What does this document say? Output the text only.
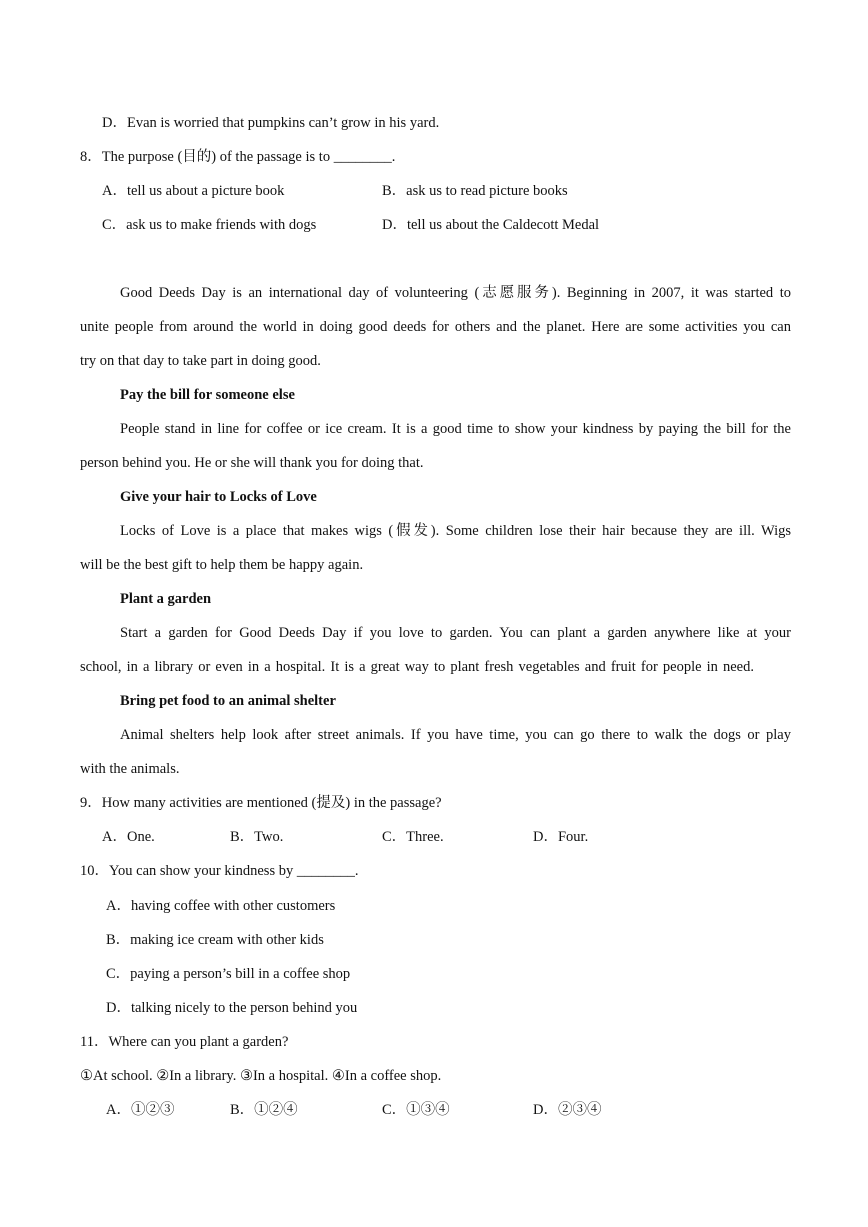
D．Evan is worried that pumpkins can’t grow in his yard.
8．The purpose (目的) of the passage is to ________.
A．tell us about a picture book	B．ask us to read picture books
C．ask us to make friends with dogs	D．tell us about the Caldecott Medal
Good Deeds Day is an international day of volunteering (志愿服务). Beginning in 2007, it was started to
unite people from around the world in doing good deeds for others and the planet. Here are some activities you can
try on that day to take part in doing good.
Pay the bill for someone else
People stand in line for coffee or ice cream. It is a good time to show your kindness by paying the bill for the
person behind you. He or she will thank you for doing that.
Give your hair to Locks of Love
Locks of Love is a place that makes wigs (假发). Some children lose their hair because they are ill. Wigs
will be the best gift to help them be happy again.
Plant a garden
Start a garden for Good Deeds Day if you love to garden. You can plant a garden anywhere like at your
school, in a library or even in a hospital. It is a great way to plant fresh vegetables and fruit for people in need.
Bring pet food to an animal shelter
Animal shelters help look after street animals. If you have time, you can go there to walk the dogs or play
with the animals.
9．How many activities are mentioned (提及) in the passage?
A．One.	B．Two.	C．Three.	D．Four.
10．You can show your kindness by ________.
A．having coffee with other customers
B．making ice cream with other kids
C．paying a person’s bill in a coffee shop
D．talking nicely to the person behind you
11．Where can you plant a garden?
①At school. ②In a library. ③In a hospital. ④In a coffee shop.
A．①②③	B．①②④	C．①③④	D．②③④
